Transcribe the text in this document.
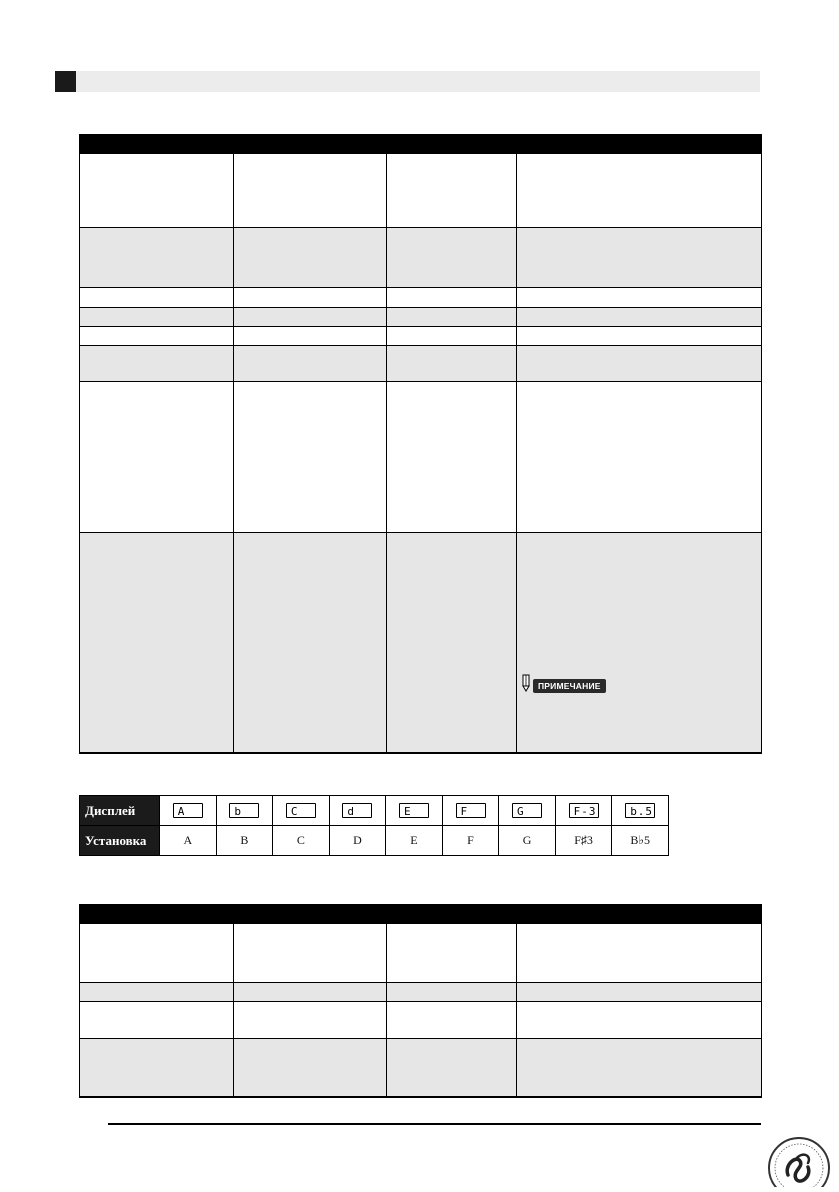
			ПРИМЕЧАНИЕ
Дисплей	A	b	C	d	E	F	G	F-3	b.5
Установка	A	B	C	D	E	F	G	F♯3	B♭5
